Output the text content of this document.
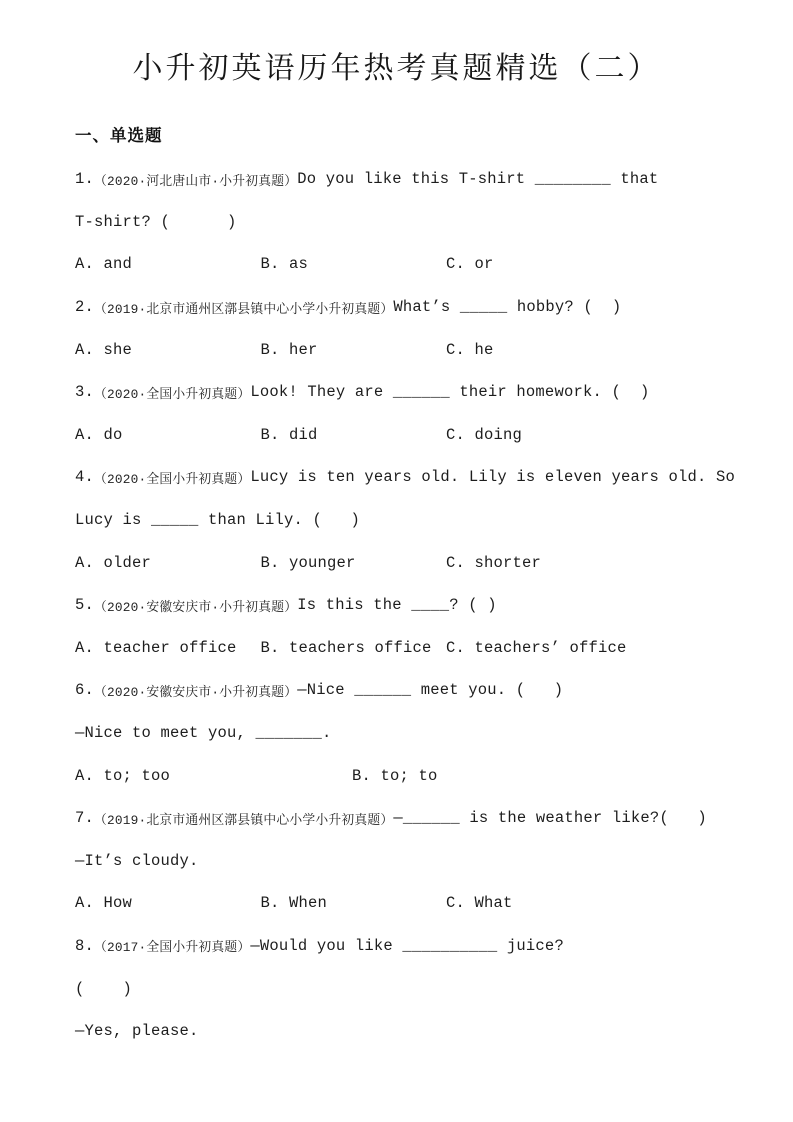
小升初英语历年热考真题精选（二）
一、单选题
1. （2020·河北唐山市·小升初真题） Do you like this T-shirt ________ that
T-shirt? (      )
A. and	B. as	C. or
2. （2019·北京市通州区漷县镇中心小学小升初真题） What’s _____ hobby? (  )
A. she	B. her	C. he
3. （2020·全国小升初真题） Look! They are ______ their homework. (  )
A. do	B. did	C. doing
4. （2020·全国小升初真题） Lucy is ten years old. Lily is eleven years old. So
Lucy is _____ than Lily. (   )
A. older	B. younger	C. shorter
5. （2020·安徽安庆市·小升初真题） Is this the ____? ( )
A. teacher office	B. teachers office C. teachers’ office
6. （2020·安徽安庆市·小升初真题） —Nice ______ meet you. (   )
—Nice to meet you, _______.
A. to; too	B. to; to
7. （2019·北京市通州区漷县镇中心小学小升初真题） —______ is the weather like?(   )
—It’s cloudy.
A. How	B. When	C. What
8. （2017·全国小升初真题） —Would you like __________ juice?
(    )
—Yes, please.
